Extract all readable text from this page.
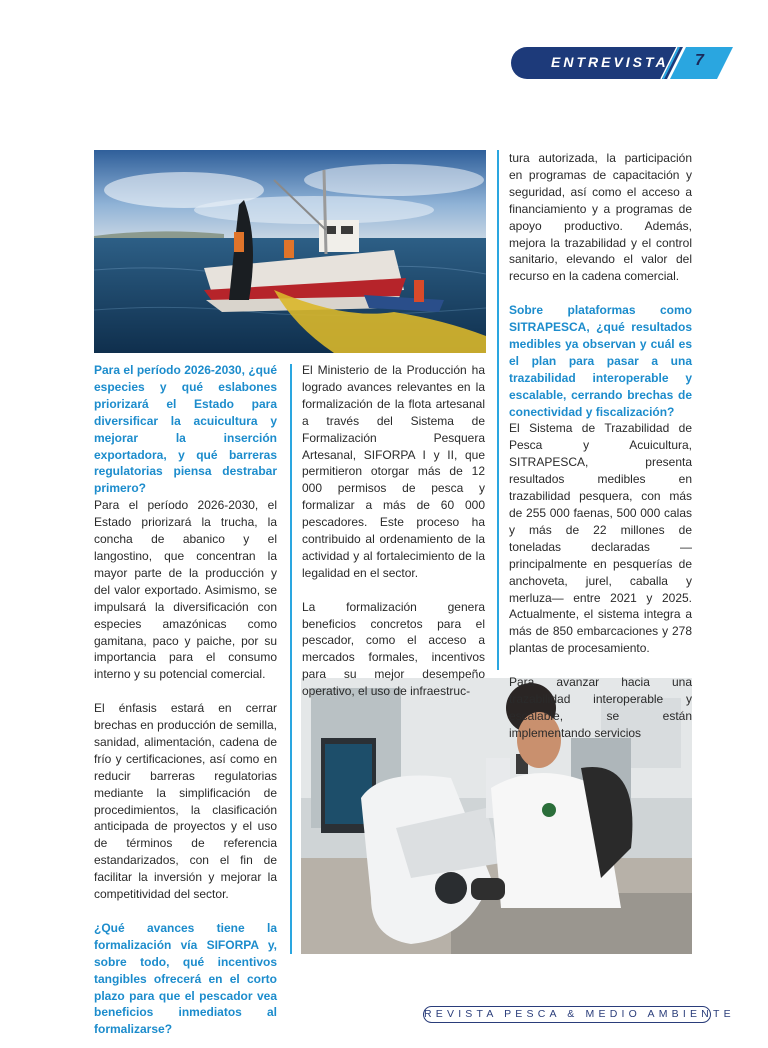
ENTREVISTA 7

Para el período 2026-2030, ¿qué especies y qué eslabones priorizará el Estado para diversificar la acuicultura y mejorar la inserción exportadora, y qué barreras regulatorias piensa destrabar primero?

Para el período 2026-2030, el Estado priorizará la trucha, la concha de abanico y el langostino, que concentran la mayor parte de la producción y del valor exportado. Asimismo, se impulsará la diversificación con especies amazónicas como gamitana, paco y paiche, por su importancia para el consumo interno y su potencial comercial.

El énfasis estará en cerrar brechas en producción de semilla, sanidad, alimentación, cadena de frío y certificaciones, así como en reducir barreras regulatorias mediante la simplificación de procedimientos, la clasificación anticipada de proyectos y el uso de términos de referencia estandarizados, con el fin de facilitar la inversión y mejorar la competitividad del sector.

¿Qué avances tiene la formalización vía SIFORPA y, sobre todo, qué incentivos tangibles ofrecerá en el corto plazo para que el pescador vea beneficios inmediatos al formalizarse?

El Ministerio de la Producción ha logrado avances relevantes en la formalización de la flota artesanal a través del Sistema de Formalización Pesquera Artesanal, SIFORPA I y II, que permitieron otorgar más de 12 000 permisos de pesca y formalizar a más de 60 000 pescadores. Este proceso ha contribuido al ordenamiento de la actividad y al fortalecimiento de la legalidad en el sector.

La formalización genera beneficios concretos para el pescador, como el acceso a mercados formales, incentivos para su mejor desempeño operativo, el uso de infraestruc-

tura autorizada, la participación en programas de capacitación y seguridad, así como el acceso a financiamiento y a programas de apoyo productivo. Además, mejora la trazabilidad y el control sanitario, elevando el valor del recurso en la cadena comercial.

Sobre plataformas como SITRAPESCA, ¿qué resultados medibles ya observan y cuál es el plan para pasar a una trazabilidad interoperable y escalable, cerrando brechas de conectividad y fiscalización?

El Sistema de Trazabilidad de Pesca y Acuicultura, SITRAPESCA, presenta resultados medibles en trazabilidad pesquera, con más de 255 000 faenas, 500 000 calas y más de 22 millones de toneladas declaradas —principalmente en pesquerías de anchoveta, jurel, caballa y merluza— entre 2021 y 2025. Actualmente, el sistema integra a más de 850 embarcaciones y 278 plantas de procesamiento.

Para avanzar hacia una trazabilidad interoperable y escalable, se están implementando servicios

REVISTA PESCA & MEDIO AMBIENTE
